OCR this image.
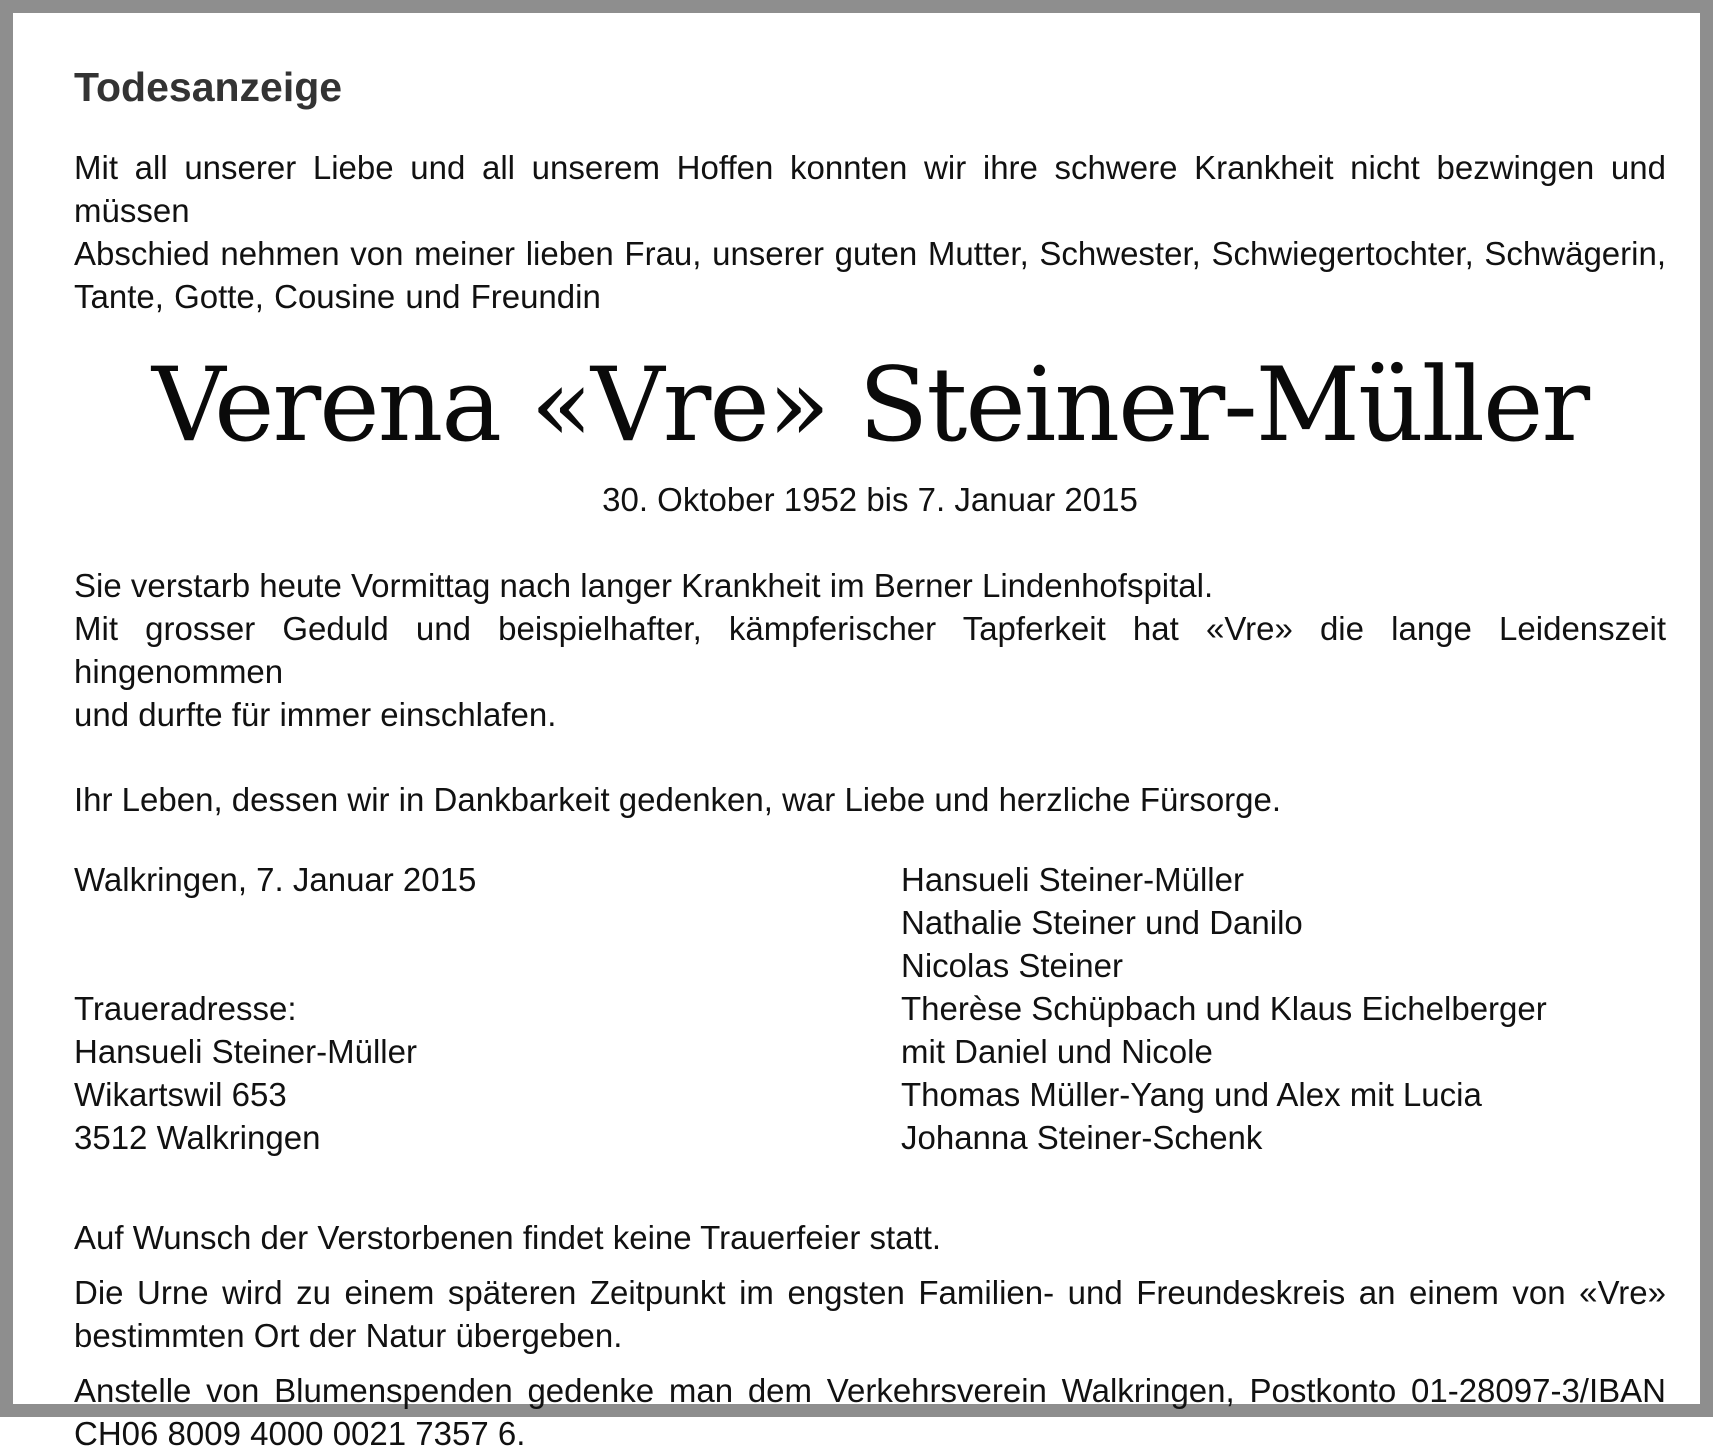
Todesanzeige
Mit all unserer Liebe und all unserem Hoffen konnten wir ihre schwere Krankheit nicht bezwingen und müssen
Abschied nehmen von meiner lieben Frau, unserer guten Mutter, Schwester, Schwiegertochter, Schwägerin,
Tante, Gotte, Cousine und Freundin
Verena «Vre» Steiner-Müller
30. Oktober 1952 bis 7. Januar 2015
Sie verstarb heute Vormittag nach langer Krankheit im Berner Lindenhofspital.
Mit grosser Geduld und beispielhafter, kämpferischer Tapferkeit hat «Vre» die lange Leidenszeit hingenommen
und durfte für immer einschlafen.
Ihr Leben, dessen wir in Dankbarkeit gedenken, war Liebe und herzliche Fürsorge.
Walkringen, 7. Januar 2015
Traueradresse:
Hansueli Steiner-Müller
Wikartswil 653
3512 Walkringen
Hansueli Steiner-Müller
Nathalie Steiner und Danilo
Nicolas Steiner
Therèse Schüpbach und Klaus Eichelberger
mit Daniel und Nicole
Thomas Müller-Yang und Alex mit Lucia
Johanna Steiner-Schenk
Auf Wunsch der Verstorbenen findet keine Trauerfeier statt.
Die Urne wird zu einem späteren Zeitpunkt im engsten Familien- und Freundeskreis an einem von «Vre»
bestimmten Ort der Natur übergeben.
Anstelle von Blumenspenden gedenke man dem Verkehrsverein Walkringen, Postkonto 01-28097-3/IBAN
CH06 8009 4000 0021 7357 6.
